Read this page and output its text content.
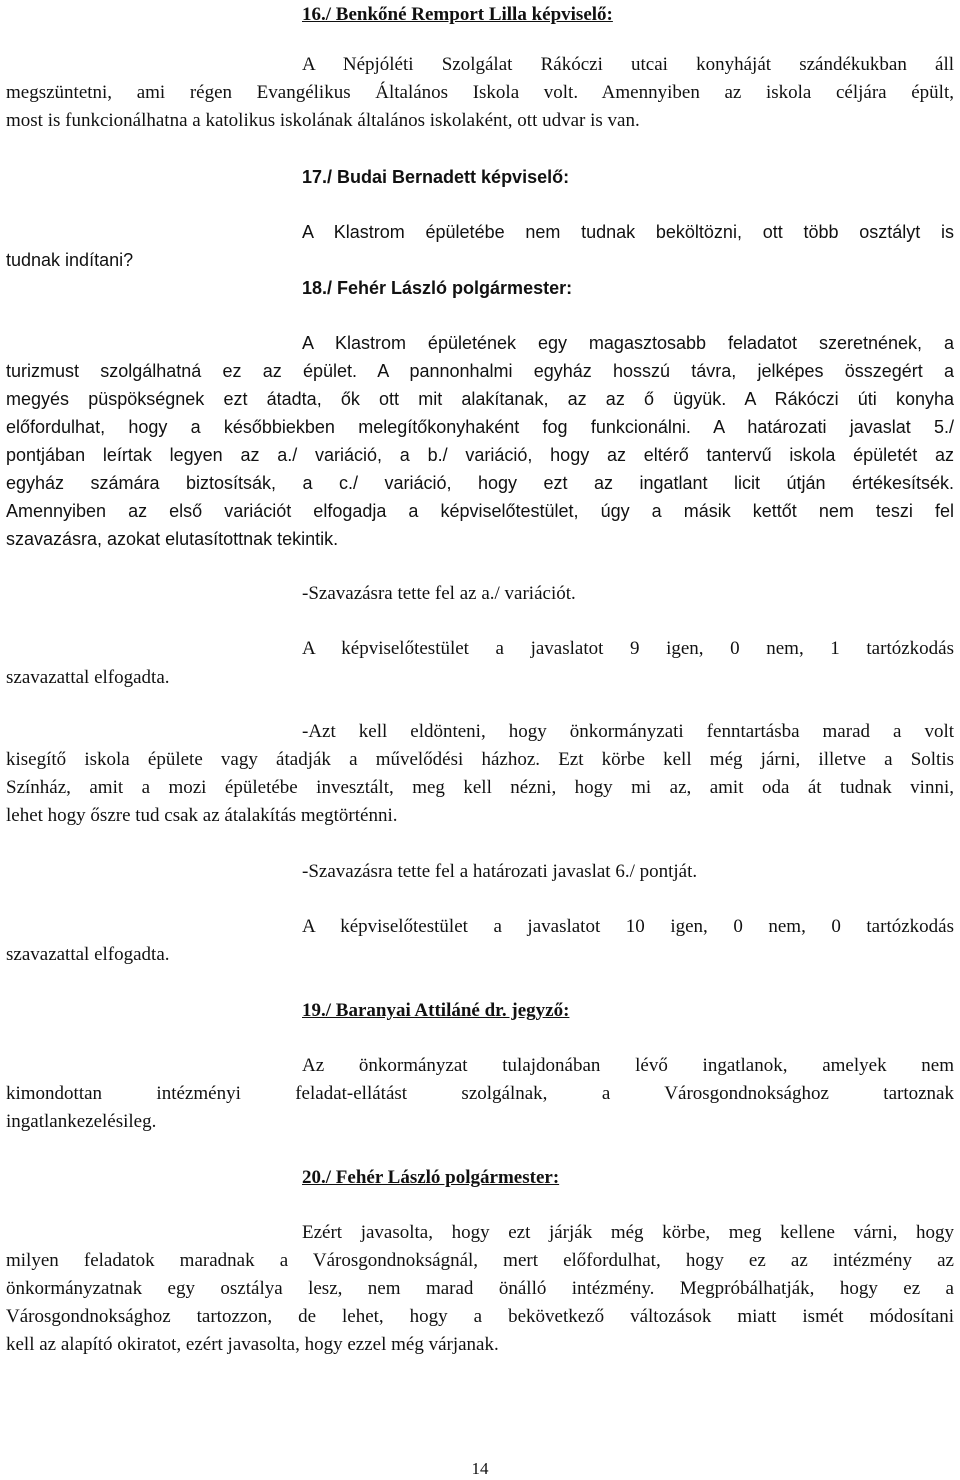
16./ Benkőné Remport Lilla képviselő:
A Népjóléti Szolgálat Rákóczi utcai konyháját szándékukban áll
megszüntetni, ami régen Evangélikus Általános Iskola volt. Amennyiben az iskola céljára épült,
most is funkcionálhatna a katolikus iskolának általános iskolaként, ott udvar is van.
17./ Budai Bernadett képviselő:
A Klastrom épületébe nem tudnak beköltözni, ott több osztályt is
tudnak indítani?
18./ Fehér László polgármester:
A Klastrom épületének egy magasztosabb feladatot szeretnének, a
turizmust szolgálhatná ez az épület. A pannonhalmi egyház hosszú távra, jelképes összegért a
megyés püspökségnek ezt átadta, ők ott mit alakítanak, az az ő ügyük. A Rákóczi úti konyha
előfordulhat, hogy a későbbiekben melegítőkonyhaként fog funkcionálni. A határozati javaslat 5./
pontjában leírtak legyen az a./ variáció, a b./ variáció, hogy az eltérő tantervű iskola épületét az
egyház számára biztosítsák, a c./ variáció, hogy ezt az ingatlant licit útján értékesítsék.
Amennyiben az első variációt elfogadja a képviselőtestület, úgy a másik kettőt nem teszi fel
szavazásra, azokat elutasítottnak tekintik.
-Szavazásra tette fel az a./ variációt.
A képviselőtestület a javaslatot 9 igen, 0 nem, 1 tartózkodás
szavazattal elfogadta.
-Azt kell eldönteni, hogy önkormányzati fenntartásba marad a volt
kisegítő iskola épülete vagy átadják a művelődési házhoz. Ezt körbe kell még járni, illetve a Soltis
Színház, amit a mozi épületébe invesztált, meg kell nézni, hogy mi az, amit oda át tudnak vinni,
lehet hogy őszre tud csak az átalakítás megtörténni.
-Szavazásra tette fel a határozati javaslat 6./ pontját.
A képviselőtestület a javaslatot 10 igen, 0 nem, 0 tartózkodás
szavazattal elfogadta.
19./ Baranyai Attiláné dr. jegyző:
Az önkormányzat tulajdonában lévő ingatlanok, amelyek nem
kimondottan intézményi feladat-ellátást szolgálnak, a Városgondnoksághoz tartoznak
ingatlankezelésileg.
20./ Fehér László polgármester:
Ezért javasolta, hogy ezt járják még körbe, meg kellene várni, hogy
milyen feladatok maradnak a Városgondnokságnál, mert előfordulhat, hogy ez az intézmény az
önkormányzatnak egy osztálya lesz, nem marad önálló intézmény. Megpróbálhatják, hogy ez a
Városgondnoksághoz tartozzon, de lehet, hogy a bekövetkező változások miatt ismét módosítani
kell az alapító okiratot, ezért javasolta, hogy ezzel még várjanak.
14
